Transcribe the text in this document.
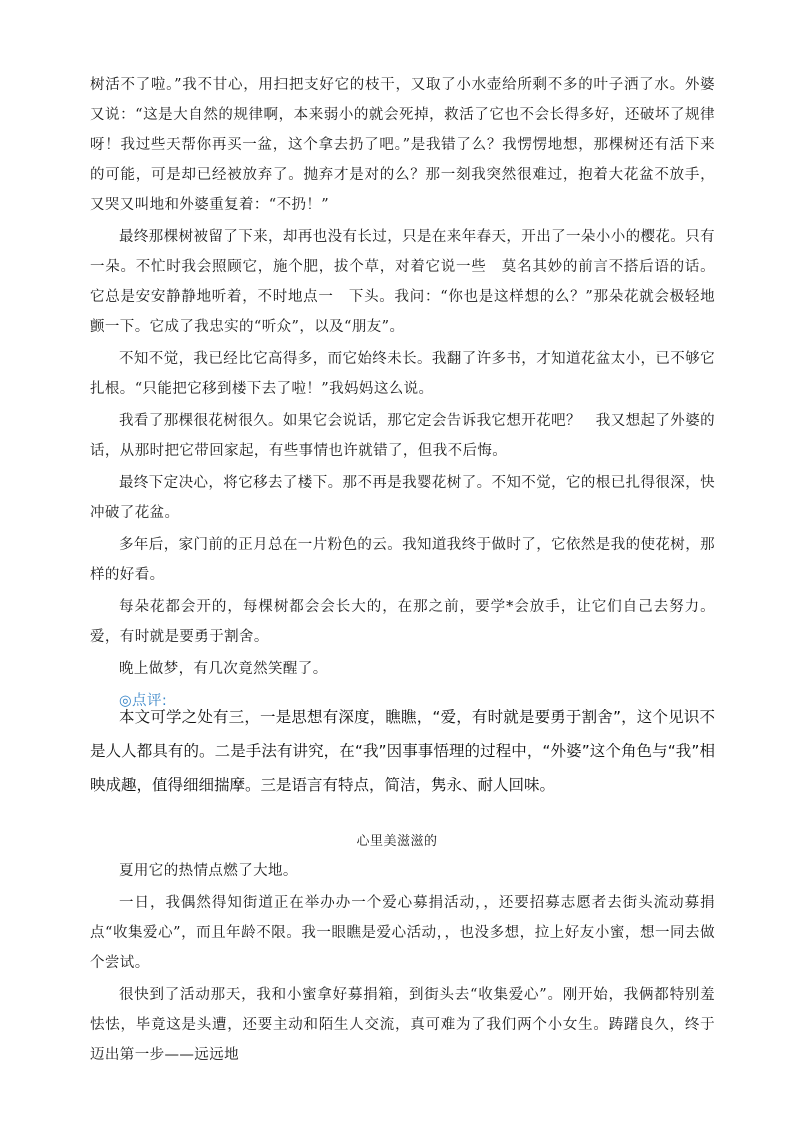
树活不了啦。”我不甘心，用扫把支好它的枝干，又取了小水壶给所剩不多的叶子洒了水。外婆又说：“这是大自然的规律啊，本来弱小的就会死掉，救活了它也不会长得多好，还破坏了规律呀！我过些天帮你再买一盆，这个拿去扔了吧。”是我错了么？我愣愣地想，那棵树还有活下来的可能，可是却已经被放弃了。抛弃才是对的么？那一刻我突然很难过，抱着大花盆不放手，又哭又叫地和外婆重复着：“不扔！”

最终那棵树被留了下来，却再也没有长过，只是在来年春天，开出了一朵小小的樱花。只有一朵。不忙时我会照顾它，施个肥，拔个草，对着它说一些　莫名其妙的前言不搭后语的话。它总是安安静静地听着，不时地点一　下头。我问：“你也是这样想的么？”那朵花就会极轻地颤一下。它成了我忠实的“听众”，以及“朋友”。

不知不觉，我已经比它高得多，而它始终未长。我翻了许多书，才知道花盆太小，已不够它扎根。“只能把它移到楼下去了啦！”我妈妈这么说。

我看了那棵很花树很久。如果它会说话，那它定会告诉我它想开花吧？　我又想起了外婆的话，从那时把它带回家起，有些事情也许就错了，但我不后悔。

最终下定决心，将它移去了楼下。那不再是我婴花树了。不知不觉，它的根已扎得很深，快冲破了花盆。

多年后，家门前的正月总在一片粉色的云。我知道我终于做时了，它依然是我的使花树，那样的好看。

每朵花都会开的，每棵树都会会长大的，在那之前，要学*会放手，让它们自己去努力。爱，有时就是要勇于割舍。

晚上做梦，有几次竟然笑醒了。

◎点评:

本文可学之处有三，一是思想有深度，瞧瞧，“爱，有时就是要勇于割舍”，这个见识不是人人都具有的。二是手法有讲究，在“我”因事事悟理的过程中，“外婆”这个角色与“我”相映成趣，值得细细揣摩。三是语言有特点，简洁，隽永、耐人回味。

心里美滋滋的

夏用它的热情点燃了大地。

一日，我偶然得知街道正在举办办一个爱心募捐活动，，还要招募志愿者去街头流动募捐点“收集爱心”，而且年龄不限。我一眼瞧是爱心活动，，也没多想，拉上好友小蜜，想一同去做个尝试。

很快到了活动那天，我和小蜜拿好募捐箱，到街头去“收集爱心”。刚开始，我俩都特别羞怯怯，毕竟这是头遭，还要主动和陌生人交流，真可难为了我们两个小女生。踌躇良久，终于迈出第一步——远远地
